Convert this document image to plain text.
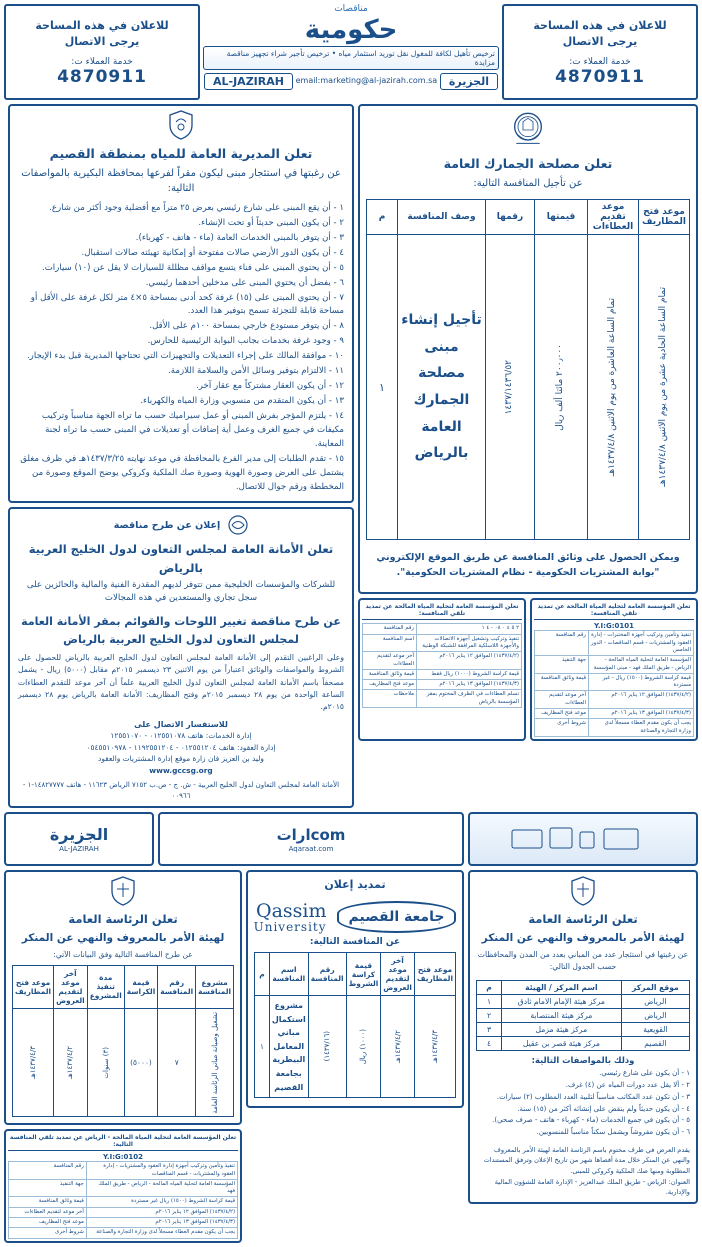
للاعلان في هذه المساحة
يرجى الاتصال
خدمة العملاء ت:
4870911
مناقصات
حكومية
ترخيص تأهيل لكافة للمغول نقل توريد استثمار مياه • ترخيص تأجير شراء تجهيز مناقصة مزايدة
الجزيرة
email:marketing@al-jazirah.com.sa
AL-JAZIRAH
للاعلان في هذه المساحة
يرجى الاتصال
خدمة العملاء ت:
4870911
تعلن مصلحة الجمارك العامة
عن تأجيل المنافسة التالية:
موعد فتح المظاريف	موعد تقديم العطاءات	قيمتها	رقمها	وصف المنافسة	م

تمام الساعة الحادية عشرة من يوم الاثنين ١٤٣٧/٤/٨هـ	تمام الساعة العاشرة من يوم الاثنين ١٤٣٧/٤/٨هـ	٢٠٠٫٠٠٠ مائتا ألف ريال	١٤٣٧/١٤٣٦/٥٢	تأجيل إنشاء مبنى مصلحة الجمارك العامة بالرياض	١
ويمكن الحصول على وثائق المنافسة عن طريق الموقع الإلكتروني "بوابة المشتريات الحكومية - نظام المشتريات الحكومية".
تعلن المؤسسة العامة لتحلية المياه المالحة عن تمديد تلقي المنافسة:
Y.I:G:0101
تنفيذ وتأمين وتركيب أجهزة المختبرات - إدارة العقود والمشتريات - قسم المناقصات - الدور الخامس	رقم المنافسة
المؤسسة العامة لتحلية المياه المالحة - الرياض - طريق الملك فهد - مبنى المؤسسة	جهة التنفيذ
قيمة كراسة الشروط (١٥٠٠) ريال - غير مستردة	قيمة وثائق المنافسة
(١٤٣٧/٤/٢) الموافق ١٢ يناير ٢٠١٦م	آخر موعد لتقديم العطاءات
(١٤٣٧/٤/٣) الموافق ١٣ يناير ٢٠١٦م	موعد فتح المظاريف
يجب أن يكون مقدم العطاء مسجلاً لدى وزارة التجارة والصناعة	شروط أخرى
تعلن المؤسسة العامة لتحلية المياه المالحة عن تمديد تلقي المنافسة:
٢ ٥ ٤ ٠ ٠٨ - ٤ ١	رقم المنافسة
تنفيذ وتركيب وتشغيل أجهزة الاتصالات والأجهزة اللاسلكية المرافقة للشبكة الوطنية	اسم المنافسة
(١٤٣٧/٤/٢) الموافق ١٢ يناير ٢٠١٦م	آخر موعد لتقديم العطاءات
قيمة كراسة الشروط (١٠٠٠) ريال فقط	قيمة وثائق المنافسة
(١٤٣٧/٤/٣) الموافق ١٣ يناير ٢٠١٦م	موعد فتح المظاريف
تسلم العطاءات في الظرف المختوم بمقر المؤسسة بالرياض	ملاحظات
تعلن المديرية العامة للمياه بمنطقة القصيم
عن رغبتها في استئجار مبنى ليكون مقراً لفرعها بمحافظة البكيرية بالمواصفات التالية:

١ - أن يقع المبنى على شارع رئيسي بعرض ٢٥ متراً مع أفضلية وجود أكثر من شارع.

٢ - أن يكون المبنى حديثاً أو تحت الإنشاء.

٣ - أن يتوفر بالمبنى الخدمات العامة (ماء - هاتف - كهرباء).

٤ - أن يكون الدور الأرضي صالات مفتوحة أو إمكانية تهيئته صالات استقبال.

٥ - أن يحتوي المبنى على فناء يتسع مواقف مظللة للسيارات لا يقل عن (١٠) سيارات.

٦ - يفضل أن يحتوي المبنى على مدخلين أحدهما رئيسي.

٧ - أن يحتوي المبنى على (١٥) غرفة كحد أدنى بمساحة ٥×٤ متر لكل غرفة على الأقل أو مساحة قابلة للتجزئة تسمح بتوفير هذا العدد.

٨ - أن يتوفر مستودع خارجي بمساحة ١٠٠م على الأقل.

٩ - وجود غرفة بخدمات بجانب البوابة الرئيسية للحارس.

١٠ - موافقة المالك على إجراء التعديلات والتجهيزات التي تحتاجها المديرية قبل بدء الإيجار.

١١ - الالتزام بتوفير وسائل الأمن والسلامة اللازمة.

١٢ - أن يكون العقار مشتركاً مع عقار آخر.

١٣ - أن يكون المتقدم من منسوبي وزارة المياه والكهرباء.

١٤ - يلتزم المؤجر بفرش المبنى أو عمل سيراميك حسب ما تراه الجهة مناسباً وتركيب مكيفات في جميع الغرف وعمل أية إضافات أو تعديلات في المبنى حسب ما تراه لجنة المعاينة.

١٥ - تقدم الطلبات إلى مدير الفرع بالمحافظة في موعد نهايته ١٤٣٧/٣/٢٥هـ في ظرف مغلق يشتمل على العرض وصورة الهوية وصورة صك الملكية وكروكي يوضح الموقع وصورة من المخططة ورقم جوال للاتصال.

إعلان عن طرح مناقصة
تعلن الأمانة العامة لمجلس التعاون لدول الخليج العربية بالرياض
للشركات والمؤسسات الخليجية ممن تتوفر لديهم المقدرة الفنية والمالية والحائزين على سجل تجاري والمستعدين في هذه المجالات
عن طرح مناقصة تغيير اللوحات والقوائم بمقر الأمانة العامة لمجلس التعاون لدول الخليج العربية بالرياض
وعلى الراغبين التقدم إلى الأمانة العامة لمجلس التعاون لدول الخليج العربية بالرياض للحصول على الشروط والمواصفات والوثائق اعتباراً من يوم الاثنين ٢٣ ديسمبر ٢٠١٥م مقابل (٥٠٠٠) ريال - يشمل مصحفاً باسم الأمانة العامة لمجلس التعاون لدول الخليج العربية علماً أن آخر موعد للتقدم العطاءات الساعة الواحدة من يوم ٢٨ ديسمبر ٢٠١٥م وفتح المظاريف: الأمانة العامة بالرياض يوم ٢٨ ديسمبر ٢٠١٥م.
للاستفسار الاتصال على
إدارة الخدمات: هاتف ٠١٢٥٥١٠٧٨ - ١٢٥٥١٠٧٠
إدارة العقود: هاتف ٠١٢٥٥١٢٠٤ - ١١٩٢٥٥١٢٠٤ - ٠٥٤٥٥١٠٩٧٨
وليد بن العزيز فان زارة موقع إدارة المشتريات والعقود
www.gccsg.org
الأمانة العامة لمجلس التعاون لدول الخليج العربية - ش. ج - ص.ب ٧١٥٢ الرياض ١١٦٢٣ - هاتف ١٤٨٢٧٧٧٧-١ - ٠٠٩٦٦
comارات
Aqaraat.com
الجزيرة
AL-JAZIRAH
تعلن الرئاسة العامة
لهيئة الأمر بالمعروف والنهي عن المنكر
عن رغبتها في استئجار عدد من المباني بعدد من المدن والمحافظات حسب الجدول التالي:
موقع المركز	اسم المركز / الهيئة	م
الرياض	مركز هيئة الإمام الامام ثادق	١
الرياض	مركز هيئة المنتصابة	٢
القويعية	مركز هيئة مزمل	٣
القصيم	مركز هيئة قصر بن عقيل	٤
وذلك بالمواصفات التالية:

١ - أن يكون على شارع رئيسي.

٢ - ألا يقل عدد دورات المياه عن (٤) غرف.

٣ - أن تكون عدد المكاتب مناسباً لتلبية العدد المطلوب (٢) سيارات.

٤ - أن يكون حديثاً ولم ينقض على إنشائه أكثر من (١٥) سنة.

٥ - أن يكون في جميع الخدمات (ماء - كهرباء - هاتف - صرف صحي).

٦ - أن يكون مفروشاً ويشمل سكناً مناسباً للمنسوبين.

يقدم العرض في ظرف مختوم باسم الرئاسة العامة لهيئة الأمر بالمعروف والنهي عن المنكر خلال مدة أقصاها شهر من تاريخ الإعلان وترفق المستندات المطلوبة ومنها صك الملكية وكروكي للمبنى.

العنوان: الرياض - طريق الملك عبدالعزيز - الإدارة العامة للشؤون المالية والإدارية.

تمديد إعلان
جامعة القصيم
Qassim
University
عن المنافسة التالية:
موعد فتح المظاريف	آخر موعد لتقديم العروض	قيمة كراسة الشروط	رقم المنافسة	اسم المنافسة	م

١٤٣٧/٤/٣هـ	١٤٣٧/٤/٢هـ	(١٠٠٠) ريال	(١٤٣٧/١٦)	مشروع استكمال مباني المعامل البيطرية بجامعة القصيم	١
تعلن الرئاسة العامة
لهيئة الأمر بالمعروف والنهي عن المنكر
عن طرح المنافسة التالية وفق البيانات الآتي:
مشروع المنافسة	رقم المنافسة	قيمة الكراسة	مدة تنفيذ المشروع	آخر موعد لتقديم العروض	موعد فتح المظاريف

تشغيل وصيانة مباني الرئاسة العامة	٧	(٥٠٠٠)	(٣) سنوات	١٤٣٧/٤/٢هـ	١٤٣٧/٤/٣هـ
تعلن المؤسسة العامة لتحلية المياه المالحة - الرياض عن تمديد تلقي المنافسة التالية:
Y.I:G:0102
تنفيذ وتأمين وتركيب أجهزة إدارة العقود والمشتريات - إدارة العقود والمشتريات - قسم المناقصات	رقم المنافسة
المؤسسة العامة لتحلية المياه المالحة - الرياض - طريق الملك فهد	جهة التنفيذ
قيمة كراسة الشروط (١٥٠٠) ريال غير مستردة	قيمة وثائق المنافسة
(١٤٣٧/٤/٢) الموافق ١٢ يناير ٢٠١٦م	آخر موعد لتقديم العطاءات
(١٤٣٧/٤/٣) الموافق ١٣ يناير ٢٠١٦م	موعد فتح المظاريف
يجب أن يكون مقدم العطاء مسجلاً لدى وزارة التجارة والصناعة	شروط أخرى
